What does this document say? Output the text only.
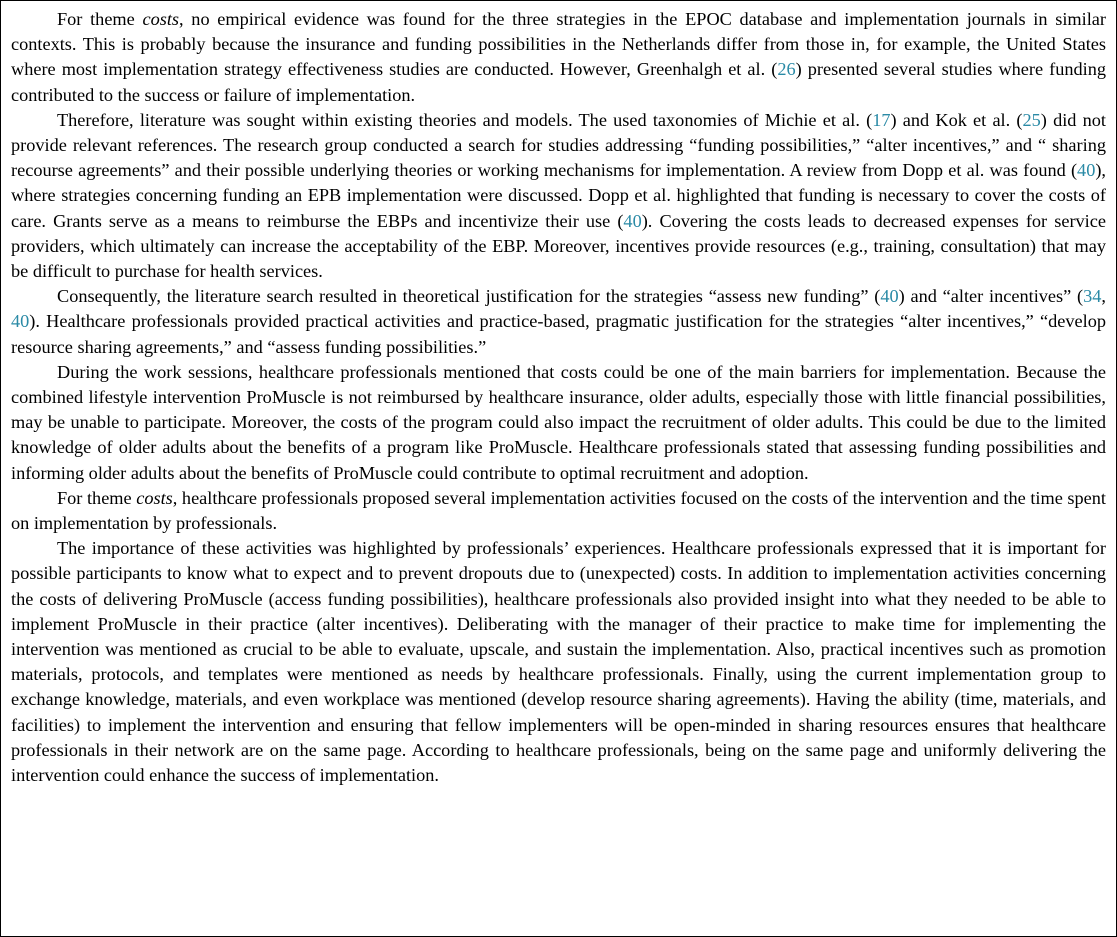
For theme costs, no empirical evidence was found for the three strategies in the EPOC database and implementation journals in similar contexts. This is probably because the insurance and funding possibilities in the Netherlands differ from those in, for example, the United States where most implementation strategy effectiveness studies are conducted. However, Greenhalgh et al. (26) presented several studies where funding contributed to the success or failure of implementation.

Therefore, literature was sought within existing theories and models. The used taxonomies of Michie et al. (17) and Kok et al. (25) did not provide relevant references. The research group conducted a search for studies addressing “funding possibilities,” “alter incentives,” and “ sharing recourse agreements” and their possible underlying theories or working mechanisms for implementation. A review from Dopp et al. was found (40), where strategies concerning funding an EPB implementation were discussed. Dopp et al. highlighted that funding is necessary to cover the costs of care. Grants serve as a means to reimburse the EBPs and incentivize their use (40). Covering the costs leads to decreased expenses for service providers, which ultimately can increase the acceptability of the EBP. Moreover, incentives provide resources (e.g., training, consultation) that may be difficult to purchase for health services.

Consequently, the literature search resulted in theoretical justification for the strategies “assess new funding” (40) and “alter incentives” (34, 40). Healthcare professionals provided practical activities and practice-based, pragmatic justification for the strategies “alter incentives,” “develop resource sharing agreements,” and “assess funding possibilities.”

During the work sessions, healthcare professionals mentioned that costs could be one of the main barriers for implementation. Because the combined lifestyle intervention ProMuscle is not reimbursed by healthcare insurance, older adults, especially those with little financial possibilities, may be unable to participate. Moreover, the costs of the program could also impact the recruitment of older adults. This could be due to the limited knowledge of older adults about the benefits of a program like ProMuscle. Healthcare professionals stated that assessing funding possibilities and informing older adults about the benefits of ProMuscle could contribute to optimal recruitment and adoption.

For theme costs, healthcare professionals proposed several implementation activities focused on the costs of the intervention and the time spent on implementation by professionals.

The importance of these activities was highlighted by professionals’ experiences. Healthcare professionals expressed that it is important for possible participants to know what to expect and to prevent dropouts due to (unexpected) costs. In addition to implementation activities concerning the costs of delivering ProMuscle (access funding possibilities), healthcare professionals also provided insight into what they needed to be able to implement ProMuscle in their practice (alter incentives). Deliberating with the manager of their practice to make time for implementing the intervention was mentioned as crucial to be able to evaluate, upscale, and sustain the implementation. Also, practical incentives such as promotion materials, protocols, and templates were mentioned as needs by healthcare professionals. Finally, using the current implementation group to exchange knowledge, materials, and even workplace was mentioned (develop resource sharing agreements). Having the ability (time, materials, and facilities) to implement the intervention and ensuring that fellow implementers will be open-minded in sharing resources ensures that healthcare professionals in their network are on the same page. According to healthcare professionals, being on the same page and uniformly delivering the intervention could enhance the success of implementation.
